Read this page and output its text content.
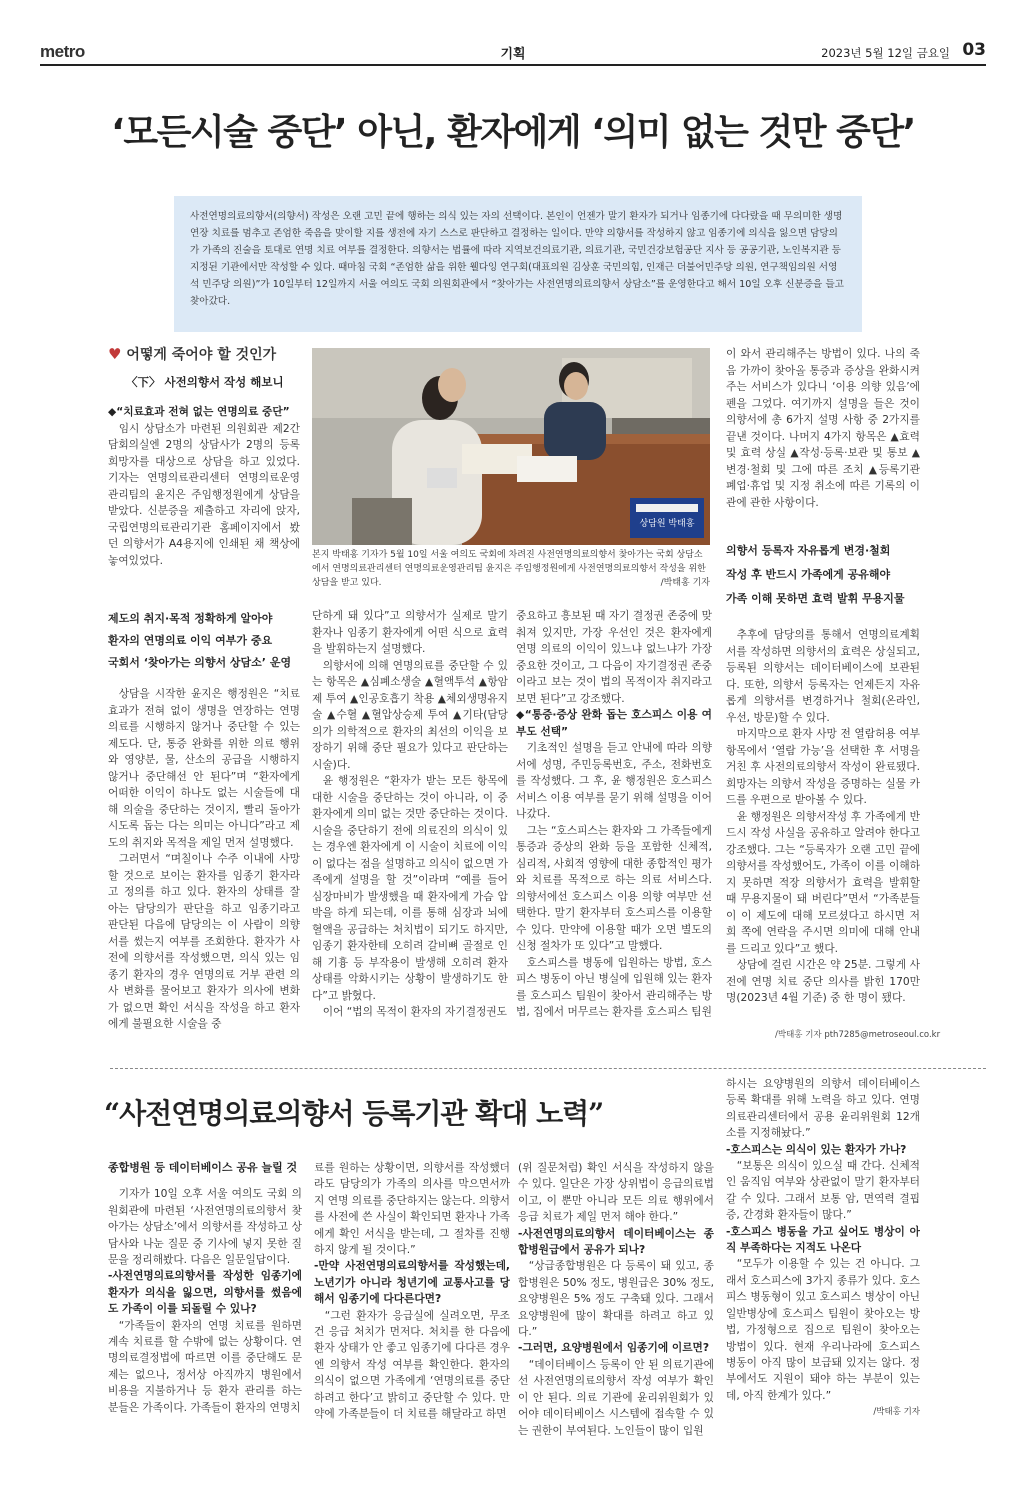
metro	기획	2023년 5월 12일 금요일 03
‘모든시술 중단’ 아닌, 환자에게 ‘의미 없는 것만 중단’
사전연명의료의향서(의향서) 작성은 오랜 고민 끝에 행하는 의식 있는 자의 선택이다. 본인이 언젠가 말기 환자가 되거나 임종기에 다다랐을 때 무의미한 생명 연장 치료를 멈추고 존엄한 죽음을 맞이할 지를 생전에 자기 스스로 판단하고 결정하는 일이다. 만약 의향서를 작성하지 않고 임종기에 의식을 잃으면 담당의가 가족의 진술을 토대로 연명 치료 여부를 결정한다. 의향서는 법률에 따라 지역보건의료기관, 의료기관, 국민건강보험공단 지사 등 공공기관, 노인복지관 등 지정된 기관에서만 작성할 수 있다. 때마침 국회 “존엄한 삶을 위한 웰다잉 연구회(대표의원 김상훈 국민의힘, 인재근 더불어민주당 의원, 연구책임의원 서영석 민주당 의원)”가 10일부터 12일까지 서울 여의도 국회 의원회관에서 “찾아가는 사전연명의료의향서 상담소”를 운영한다고 해서 10일 오후 신분증을 들고 찾아갔다.
♥ 어떻게 죽어야 할 것인가
〈下〉 사전의향서 작성 해보니

◆“치료효과 전혀 없는 연명의료 중단”

임시 상담소가 마련된 의원회관 제2간담회의실엔 2명의 상담사가 2명의 등록 희망자를 대상으로 상담을 하고 있었다. 기자는 연명의료관리센터 연명의료운영관리팀의 윤지은 주임행정원에게 상담을 받았다. 신분증을 제출하고 자리에 앉자, 국립연명의료관리기관 홈페이지에서 봤던 의향서가 A4용지에 인쇄된 채 책상에 놓여있었다.

제도의 취지·목적 정확하게 알아야
환자의 연명의료 이익 여부가 중요
국회서 ‘찾아가는 의향서 상담소’ 운영

상담을 시작한 윤지은 행정원은 “치료효과가 전혀 없이 생명을 연장하는 연명의료를 시행하지 않거나 중단할 수 있는 제도다. 단, 통증 완화를 위한 의료 행위와 영양분, 물, 산소의 공급을 시행하지 않거나 중단해선 안 된다”며 “환자에게 어떠한 이익이 하나도 없는 시술들에 대해 의술을 중단하는 것이지, 빨리 돌아가시도록 돕는 다는 의미는 아니다”라고 제도의 취지와 목적을 제일 먼저 설명했다.

그러면서 “며칠이나 수주 이내에 사망할 것으로 보이는 환자를 임종기 환자라고 정의를 하고 있다. 환자의 상태를 잘 아는 담당의가 판단을 하고 임종기라고 판단된 다음에 담당의는 이 사람이 의향서를 썼는지 여부를 조회한다. 환자가 사전에 의향서를 작성했으면, 의식 있는 임종기 환자의 경우 연명의료 거부 관련 의사 변화를 물어보고 환자가 의사에 변화가 없으면 확인 서식을 작성을 하고 환자에게 불필요한 시술을 중

상담원 박태홍
본지 박태홍 기자가 5월 10일 서울 여의도 국회에 차려진 사전연명의료의향서 찾아가는 국회 상담소에서 연명의료관리센터 연명의료운영관리팀 윤지은 주임행정원에게 사전연명의료의향서 작성을 위한 상담을 받고 있다.	/박태홍 기자

단하게 돼 있다”고 의향서가 실제로 말기 환자나 임종기 환자에게 어떤 식으로 효력을 발휘하는지 설명했다.

의향서에 의해 연명의료를 중단할 수 있는 항목은 ▲심폐소생술 ▲혈액투석 ▲항암제 투여 ▲인공호흡기 착용 ▲체외생명유지술 ▲수혈 ▲혈압상승제 투여 ▲기타(담당의가 의학적으로 환자의 최선의 이익을 보장하기 위해 중단 필요가 있다고 판단하는 시술)다.

윤 행정원은 “환자가 받는 모든 항목에 대한 시술을 중단하는 것이 아니라, 이 중 환자에게 의미 없는 것만 중단하는 것이다. 시술을 중단하기 전에 의료진의 의식이 있는 경우엔 환자에게 이 시술이 치료에 이익이 없다는 점을 설명하고 의식이 없으면 가족에게 설명을 할 것”이라며 “예를 들어 심장마비가 발생했을 때 환자에게 가슴 압박을 하게 되는데, 이를 통해 심장과 뇌에 혈액을 공급하는 처치법이 되기도 하지만, 임종기 환자한테 오히려 갈비뼈 골절로 인해 기흉 등 부작용이 발생해 오히려 환자 상태를 악화시키는 상황이 발생하기도 한다”고 밝혔다.

이어 “법의 목적이 환자의 자기결정권도

중요하고 흥보된 때 자기 결정권 존중에 맞춰져 있지만, 가장 우선인 것은 환자에게 연명 의료의 이익이 있느냐 없느냐가 가장 중요한 것이고, 그 다음이 자기결정권 존중이라고 보는 것이 법의 목적이자 취지라고 보면 된다”고 강조했다.

◆“통증·증상 완화 돕는 호스피스 이용 여부도 선택”

기초적인 설명을 듣고 안내에 따라 의향서에 성명, 주민등록번호, 주소, 전화번호를 작성했다. 그 후, 윤 행정원은 호스피스 서비스 이용 여부를 묻기 위해 설명을 이어나갔다.

그는 “호스피스는 환자와 그 가족들에게 통증과 증상의 완화 등을 포함한 신체적, 심리적, 사회적 영향에 대한 종합적인 평가와 치료를 목적으로 하는 의료 서비스다. 의향서에선 호스피스 이용 의향 여부만 선택한다. 말기 환자부터 호스피스를 이용할 수 있다. 만약에 이용할 때가 오면 별도의 신청 절차가 또 있다”고 말했다.

호스피스를 병동에 입원하는 방법, 호스피스 병동이 아닌 병실에 입원해 있는 환자를 호스피스 팀원이 찾아서 관리해주는 방법, 집에서 머무르는 환자를 호스피스 팀원

이 와서 관리해주는 방법이 있다. 나의 죽음 가까이 찾아올 통증과 증상을 완화시켜주는 서비스가 있다니 ‘이용 의향 있음’에 펜을 그었다. 여기까지 설명을 들은 것이 의향서에 총 6가지 설명 사항 중 2가지를 끝낸 것이다. 나머지 4가지 항목은 ▲효력 및 효력 상실 ▲작성·등록·보관 및 통보 ▲변경·철회 및 그에 따른 조치 ▲등록기관 폐업·휴업 및 지정 취소에 따른 기록의 이관에 관한 사항이다.

의향서 등록자 자유롭게 변경·철회
작성 후 반드시 가족에게 공유해야
가족 이해 못하면 효력 발휘 무용지물

추후에 담당의를 통해서 연명의료계획서를 작성하면 의향서의 효력은 상실되고, 등록된 의향서는 데이터베이스에 보관된다. 또한, 의향서 등록자는 언제든지 자유롭게 의향서를 변경하거나 철회(온라인, 우선, 방문)할 수 있다.

마지막으로 환자 사망 전 열람허용 여부 항목에서 ‘열람 가능’을 선택한 후 서명을 거친 후 사전의료의향서 작성이 완료됐다. 희망자는 의향서 작성을 증명하는 실물 카드를 우편으로 받아볼 수 있다.

윤 행정원은 의향서작성 후 가족에게 반드시 작성 사실을 공유하고 알려야 한다고 강조했다. 그는 “등록자가 오랜 고민 끝에 의향서를 작성했어도, 가족이 이를 이해하지 못하면 적장 의향서가 효력을 발휘할 때 무용지물이 돼 버린다”면서 “가족분들이 이 제도에 대해 모르셨다고 하시면 저희 쪽에 연락을 주시면 의미에 대해 안내를 드리고 있다”고 했다.

상담에 걸린 시간은 약 25분. 그렇게 사전에 연명 치료 중단 의사를 밝힌 170만명(2023년 4월 기준) 중 한 명이 됐다.

/박태홍 기자 pth7285@metroseoul.co.kr
“사전연명의료의향서 등록기관 확대 노력”

종합병원 등 데이터베이스 공유 늘릴 것

기자가 10일 오후 서울 여의도 국회 의원회관에 마련된 ‘사전연명의료의향서 찾아가는 상담소’에서 의향서를 작성하고 상담사와 나눈 질문 중 기사에 넣지 못한 질문을 정리해봤다. 다음은 일문일답이다.

-사전연명의료의향서를 작성한 임종기에 환자가 의식을 잃으면, 의향서를 썼음에도 가족이 이를 되돌릴 수 있나?

“가족들이 환자의 연명 치료를 원하면 계속 치료를 할 수밖에 없는 상황이다. 연명의료결정법에 따르면 이를 중단해도 문제는 없으나, 정서상 아직까지 병원에서 비용을 지불하거나 등 환자 관리를 하는 분들은 가족이다. 가족들이 환자의 연명치

료를 원하는 상황이면, 의향서를 작성했더라도 담당의가 가족의 의사를 막으면서까지 연명 의료를 중단하지는 않는다. 의향서를 사전에 쓴 사실이 확인되면 환자나 가족에게 확인 서식을 받는데, 그 절차를 진행하지 않게 될 것이다.”

-만약 사전연명의료의향서를 작성했는데, 노년기가 아니라 청년기에 교통사고를 당해서 임종기에 다다른다면?

“그런 환자가 응급실에 실려오면, 무조건 응급 처치가 먼저다. 처치를 한 다음에 환자 상태가 안 좋고 임종기에 다다른 경우엔 의향서 작성 여부를 확인한다. 환자의 의식이 없으면 가족에게 ‘연명의료를 중단하려고 한다’고 밝히고 중단할 수 있다. 만약에 가족분들이 더 치료를 해달라고 하면

(위 질문처럼) 확인 서식을 작성하지 않을 수 있다. 일단은 가장 상위법이 응급의료법이고, 이 뿐만 아니라 모든 의료 행위에서 응급 치료가 제일 먼저 해야 한다.”

-사전연명의료의향서 데이터베이스는 종합병원급에서 공유가 되나?

“상급종합병원은 다 등록이 돼 있고, 종합병원은 50% 정도, 병원급은 30% 정도, 요양병원은 5% 정도 구축돼 있다. 그래서 요양병원에 많이 확대를 하려고 하고 있다.”

-그러면, 요양병원에서 임종기에 이르면?

“데이터베이스 등록이 안 된 의료기관에선 사전연명의료의향서 작성 여부가 확인이 안 된다. 의료 기관에 윤리위원회가 있어야 데이터베이스 시스템에 접속할 수 있는 권한이 부여된다. 노인들이 많이 입원

하시는 요양병원의 의향서 데이터베이스 등록 확대를 위해 노력을 하고 있다. 연명의료관리센터에서 공용 윤리위원회 12개소를 지정해놨다.”

-호스피스는 의식이 있는 환자가 가나?

“보통은 의식이 있으실 때 간다. 신체적인 움직임 여부와 상관없이 말기 환자부터 갈 수 있다. 그래서 보통 암, 면역력 결핍증, 간경화 환자들이 많다.”

-호스피스 병동을 가고 싶어도 병상이 아직 부족하다는 지적도 나온다

“모두가 이용할 수 있는 건 아니다. 그래서 호스피스에 3가지 종류가 있다. 호스피스 병동형이 있고 호스피스 병상이 아닌 일반병상에 호스피스 팀원이 찾아오는 방법, 가정형으로 집으로 팀원이 찾아오는 방법이 있다. 현재 우리나라에 호스피스 병동이 아직 많이 보급돼 있지는 않다. 정부에서도 지원이 돼야 하는 부분이 있는데, 아직 한계가 있다.”

/박태홍 기자
